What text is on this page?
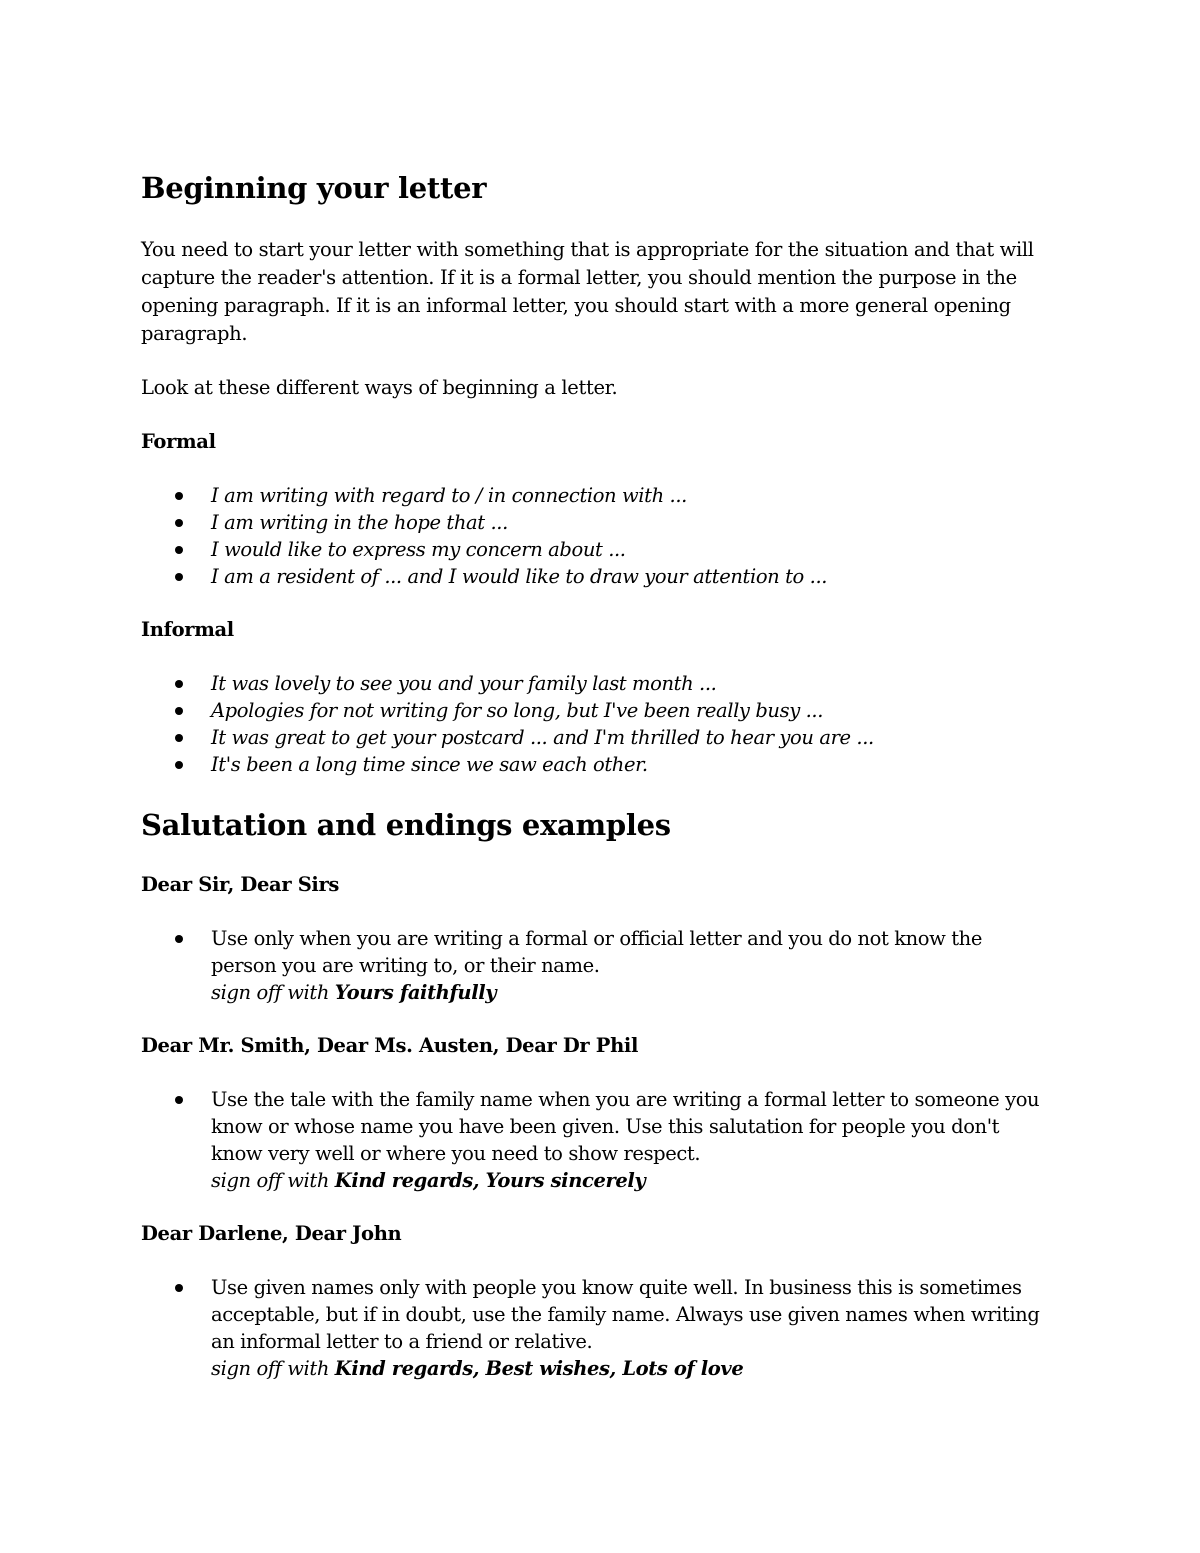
Beginning your letter

You need to start your letter with something that is appropriate for the situation and that will capture the reader's attention. If it is a formal letter, you should mention the purpose in the opening paragraph. If it is an informal letter, you should start with a more general opening paragraph.

Look at these different ways of beginning a letter.

Formal
I am writing with regard to / in connection with ...
I am writing in the hope that ...
I would like to express my concern about ...
I am a resident of ... and I would like to draw your attention to ...
Informal
It was lovely to see you and your family last month ...
Apologies for not writing for so long, but I've been really busy ...
It was great to get your postcard ... and I'm thrilled to hear you are ...
It's been a long time since we saw each other.
Salutation and endings examples
Dear Sir, Dear Sirs
Use only when you are writing a formal or official letter and you do not know the person you are writing to, or their name.
sign off with Yours faithfully
Dear Mr. Smith, Dear Ms. Austen, Dear Dr Phil
Use the tale with the family name when you are writing a formal letter to someone you know or whose name you have been given. Use this salutation for people you don't know very well or where you need to show respect.
sign off with Kind regards, Yours sincerely
Dear Darlene, Dear John
Use given names only with people you know quite well. In business this is sometimes acceptable, but if in doubt, use the family name. Always use given names when writing an informal letter to a friend or relative.
sign off with Kind regards, Best wishes, Lots of love
